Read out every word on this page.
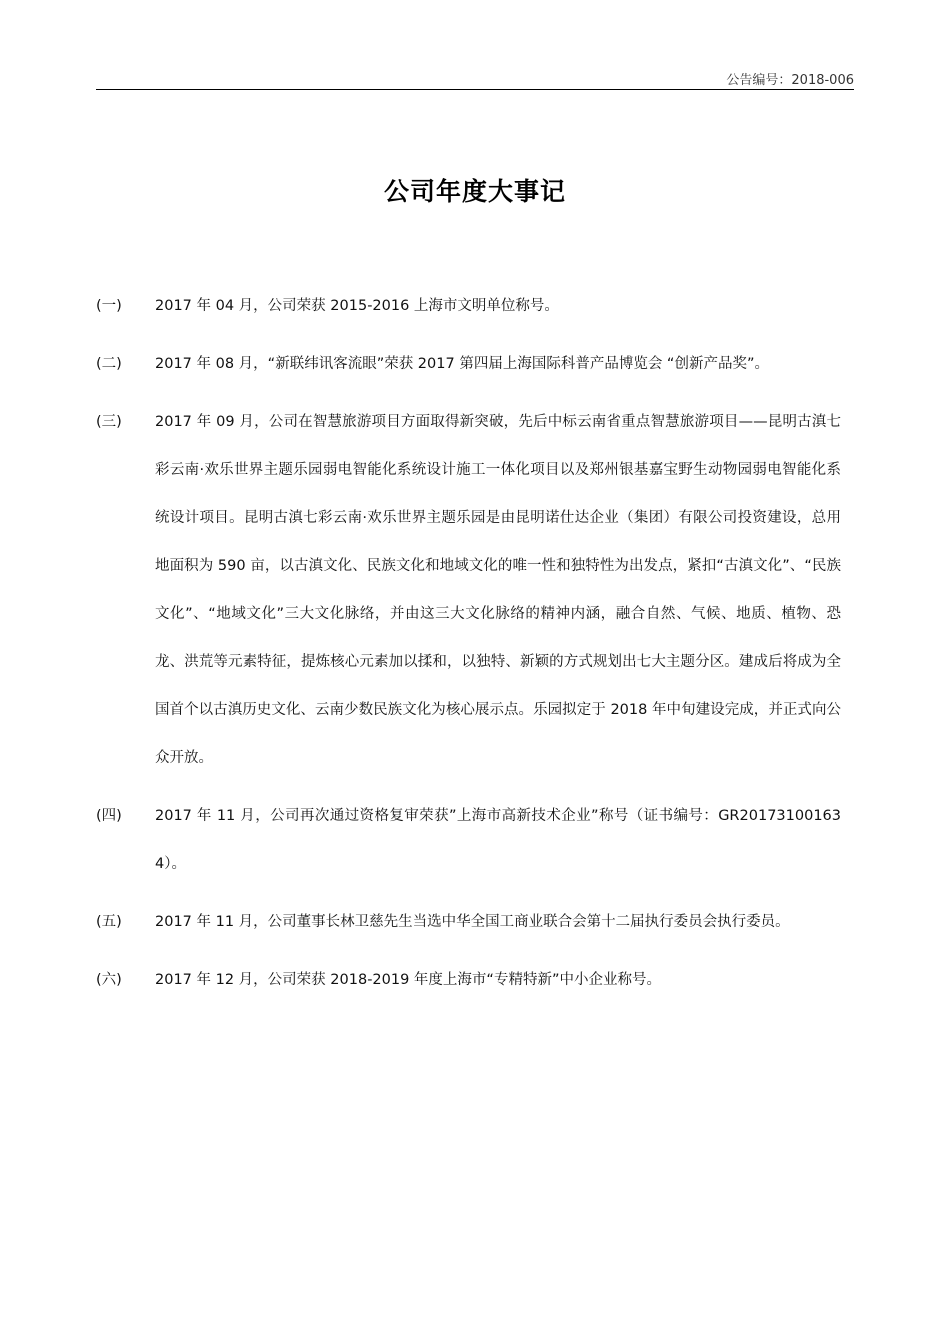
公告编号：2018-006
公司年度大事记
(一)	2017 年 04 月，公司荣获 2015-2016 上海市文明单位称号。
(二)	2017 年 08 月，“新联纬讯客流眼”荣获 2017 第四届上海国际科普产品博览会 “创新产品奖”。
(三)	2017 年 09 月，公司在智慧旅游项目方面取得新突破，先后中标云南省重点智慧旅游项目——昆明古滇七彩云南·欢乐世界主题乐园弱电智能化系统设计施工一体化项目以及郑州银基嘉宝野生动物园弱电智能化系统设计项目。昆明古滇七彩云南·欢乐世界主题乐园是由昆明诺仕达企业（集团）有限公司投资建设，总用地面积为 590 亩，以古滇文化、民族文化和地域文化的唯一性和独特性为出发点，紧扣“古滇文化”、“民族文化”、“地域文化”三大文化脉络，并由这三大文化脉络的精神内涵，融合自然、气候、地质、植物、恐龙、洪荒等元素特征，提炼核心元素加以揉和，以独特、新颖的方式规划出七大主题分区。建成后将成为全国首个以古滇历史文化、云南少数民族文化为核心展示点。乐园拟定于 2018 年中旬建设完成，并正式向公众开放。
(四)	2017 年 11 月，公司再次通过资格复审荣获”上海市高新技术企业”称号（证书编号：GR201731001634）。
(五)	2017 年 11 月，公司董事长林卫慈先生当选中华全国工商业联合会第十二届执行委员会执行委员。
(六)	2017 年 12 月，公司荣获 2018-2019 年度上海市“专精特新”中小企业称号。
